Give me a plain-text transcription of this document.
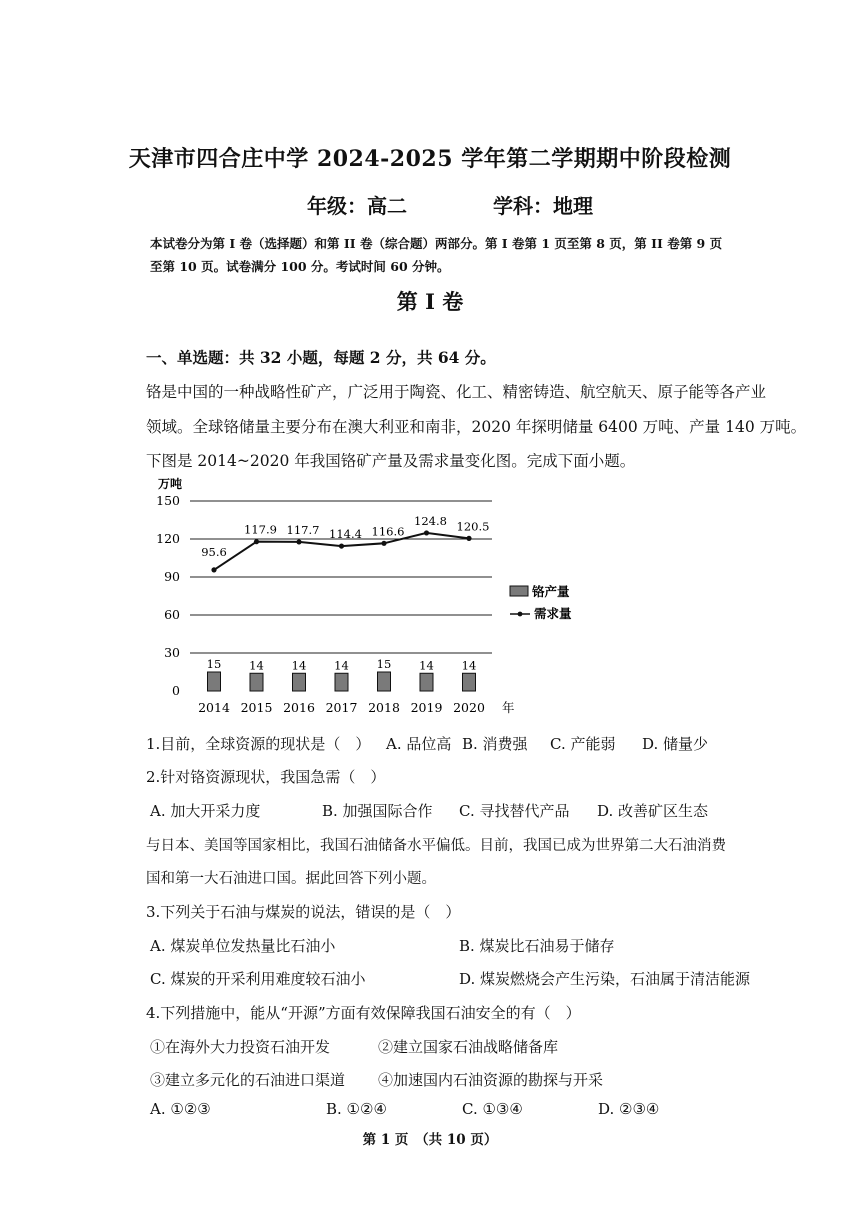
天津市四合庄中学 2024-2025 学年第二学期期中阶段检测
年级：高二	学科：地理
本试卷分为第 I 卷（选择题）和第 II 卷（综合题）两部分。第 I 卷第 1 页至第 8 页，第 II 卷第 9 页至第 10 页。试卷满分 100 分。考试时间 60 分钟。
第 I 卷
一、单选题：共 32 小题，每题 2 分，共 64 分。
铬是中国的一种战略性矿产，广泛用于陶瓷、化工、精密铸造、航空航天、原子能等各产业
领域。全球铬储量主要分布在澳大利亚和南非，2020 年探明储量 6400 万吨、产量 140 万吨。
下图是 2014~2020 年我国铬矿产量及需求量变化图。完成下面小题。
万吨
0
30
60
90
120
150
15 14 14 14 15 14 14
95.6
117.9 117.7 114.4 116.6
124.8 120.5
2014 2015 2016 2017 2018 2019 2020 年
铬产量
需求量
1.目前，全球资源的现状是（　） A. 品位高 B. 消费强 C. 产能弱 D. 储量少
2.针对铬资源现状，我国急需（　）
A. 加大开采力度	B. 加强国际合作 C. 寻找替代产品 D. 改善矿区生态
与日本、美国等国家相比，我国石油储备水平偏低。目前，我国已成为世界第二大石油消费
国和第一大石油进口国。据此回答下列小题。
3.下列关于石油与煤炭的说法，错误的是（　）
A. 煤炭单位发热量比石油小	B. 煤炭比石油易于储存
C. 煤炭的开采利用难度较石油小	D. 煤炭燃烧会产生污染，石油属于清洁能源
4.下列措施中，能从“开源”方面有效保障我国石油安全的有（　）
①在海外大力投资石油开发	②建立国家石油战略储备库
③建立多元化的石油进口渠道 ④加速国内石油资源的勘探与开采
A. ①②③	B. ①②④	C. ①③④	D. ②③④
第 1 页　（共 10 页）
